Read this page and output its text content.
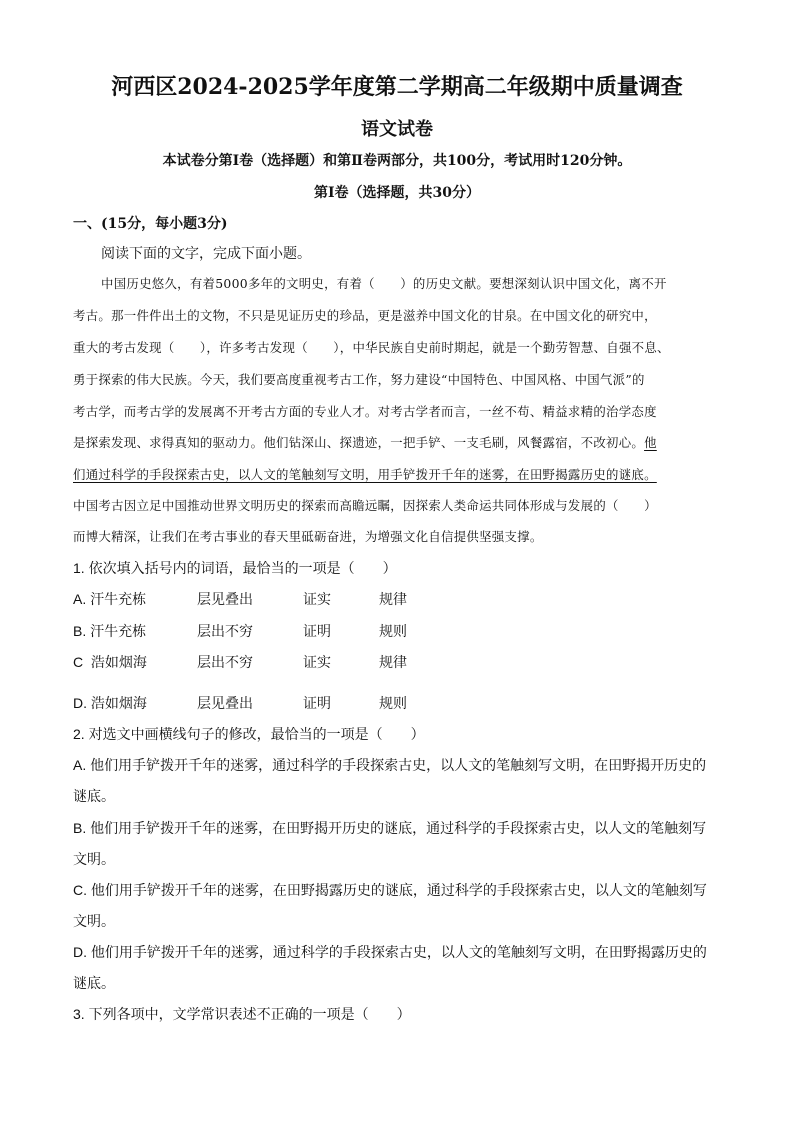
河西区2024-2025学年度第二学期高二年级期中质量调查
语文试卷
本试卷分第Ⅰ卷（选择题）和第Ⅱ卷两部分，共100分，考试用时120分钟。
第Ⅰ卷（选择题，共30分）
一、(15分，每小题3分)
阅读下面的文字，完成下面小题。
中国历史悠久，有着5000多年的文明史，有着（　　）的历史文献。要想深刻认识中国文化，离不开
考古。那一件件出土的文物，不只是见证历史的珍品，更是滋养中国文化的甘泉。在中国文化的研究中，
重大的考古发现（　　），许多考古发现（　　），中华民族自史前时期起，就是一个勤劳智慧、自强不息、
勇于探索的伟大民族。今天，我们要高度重视考古工作，努力建设“中国特色、中国风格、中国气派”的
考古学，而考古学的发展离不开考古方面的专业人才。对考古学者而言，一丝不苟、精益求精的治学态度
是探索发现、求得真知的驱动力。他们钻深山、探遗迹，一把手铲、一支毛刷，风餐露宿，不改初心。他
们通过科学的手段探索古史，以人文的笔触刻写文明，用手铲拨开千年的迷雾，在田野揭露历史的谜底。
中国考古因立足中国推动世界文明历史的探索而高瞻远瞩，因探索人类命运共同体形成与发展的（　　）
而博大精深，让我们在考古事业的春天里砥砺奋进，为增强文化自信提供坚强支撑。
1. 依次填入括号内的词语，最恰当的一项是（　　）
A. 汗牛充栋	层见叠出	证实	规律
B. 汗牛充栋	层出不穷	证明	规则
C 浩如烟海	层出不穷	证实	规律
D. 浩如烟海	层见叠出	证明	规则
2. 对选文中画横线句子的修改，最恰当的一项是（　　）
A. 他们用手铲拨开千年的迷雾，通过科学的手段探索古史，以人文的笔触刻写文明，在田野揭开历史的
谜底。
B. 他们用手铲拨开千年的迷雾，在田野揭开历史的谜底，通过科学的手段探索古史，以人文的笔触刻写
文明。
C. 他们用手铲拨开千年的迷雾，在田野揭露历史的谜底，通过科学的手段探索古史，以人文的笔触刻写
文明。
D. 他们用手铲拨开千年的迷雾，通过科学的手段探索古史，以人文的笔触刻写文明，在田野揭露历史的
谜底。
3. 下列各项中，文学常识表述不正确的一项是（　　）
